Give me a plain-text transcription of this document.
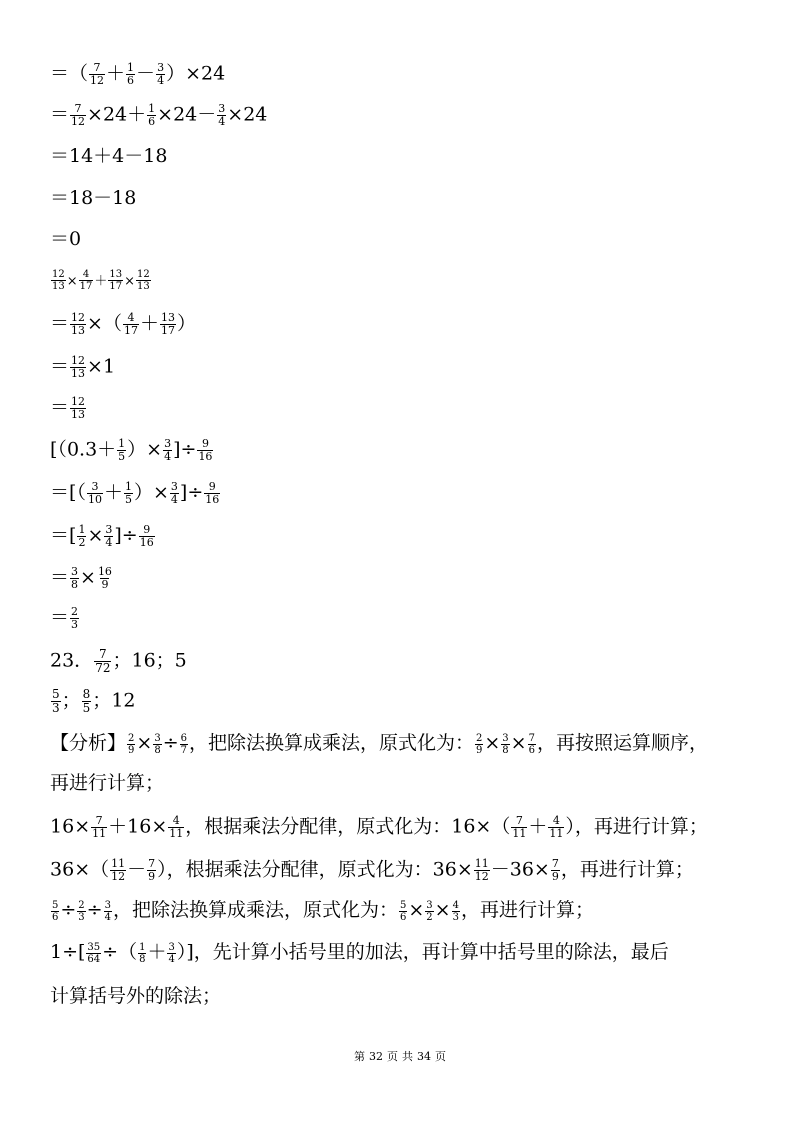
＝（ $\frac{7}{12} + \frac{1}{6} - \frac{3}{4} )\times 24$
＝ $\frac{7}{12} \times 24+ \frac{1}{6} \times 24- \frac{3}{4} \times 24$
＝14＋4－18
＝18－18
＝0
$\frac{12}{13} \times \frac{4}{17} + \frac{13}{17} \times \frac{12}{13}$
＝ $\frac{12}{13}$ ×（ $\frac{4}{17} + \frac{13}{17}$ ）
＝ $\frac{12}{13} \times 1$
＝ $\frac{12}{13}$
[（$0.3+ \frac{1}{5}$ ）× $\frac{3}{4}$ ]÷ $\frac{9}{16}$
＝[（ $\frac{3}{10} + \frac{1}{5}$ ）× $\frac{3}{4}$ ]÷ $\frac{9}{16}$
＝[ $\frac{1}{2} \times \frac{3}{4}$ ]÷ $\frac{9}{16}$
＝ $\frac{3}{8} \times \frac{16}{9}$
＝ $\frac{2}{3}$
23． $\frac{7}{72}$ ；16；5
$\frac{5}{3}$ ； $\frac{8}{5}$ ；12
【分析】 $\frac{2}{9} \times \frac{3}{8} \div \frac{6}{7}$ ，把除法换算成乘法，原式化为： $\frac{2}{9} \times \frac{3}{8} \times \frac{7}{6}$ ，再按照运算顺序，
再进行计算；
$16\times \frac{7}{11} +16\times \frac{4}{11}$ ，根据乘法分配律，原式化为：$16\times( \frac{7}{11} + \frac{4}{11}$ ），再进行计算；
$36\times( \frac{11}{12} - \frac{7}{9}$ ），根据乘法分配律，原式化为：$36\times \frac{11}{12} -36\times \frac{7}{9}$ ，再进行计算；
$\frac{5}{6} \div \frac{2}{3} \div \frac{3}{4}$ ，把除法换算成乘法，原式化为： $\frac{5}{6} \times \frac{3}{2} \times \frac{4}{3}$ ，再进行计算；
$1\div[ \frac{35}{64}$ ÷（ $\frac{1}{8} + \frac{3}{4}$ ）]，先计算小括号里的加法，再计算中括号里的除法，最后
计算括号外的除法；
第 32 页 共 34 页
